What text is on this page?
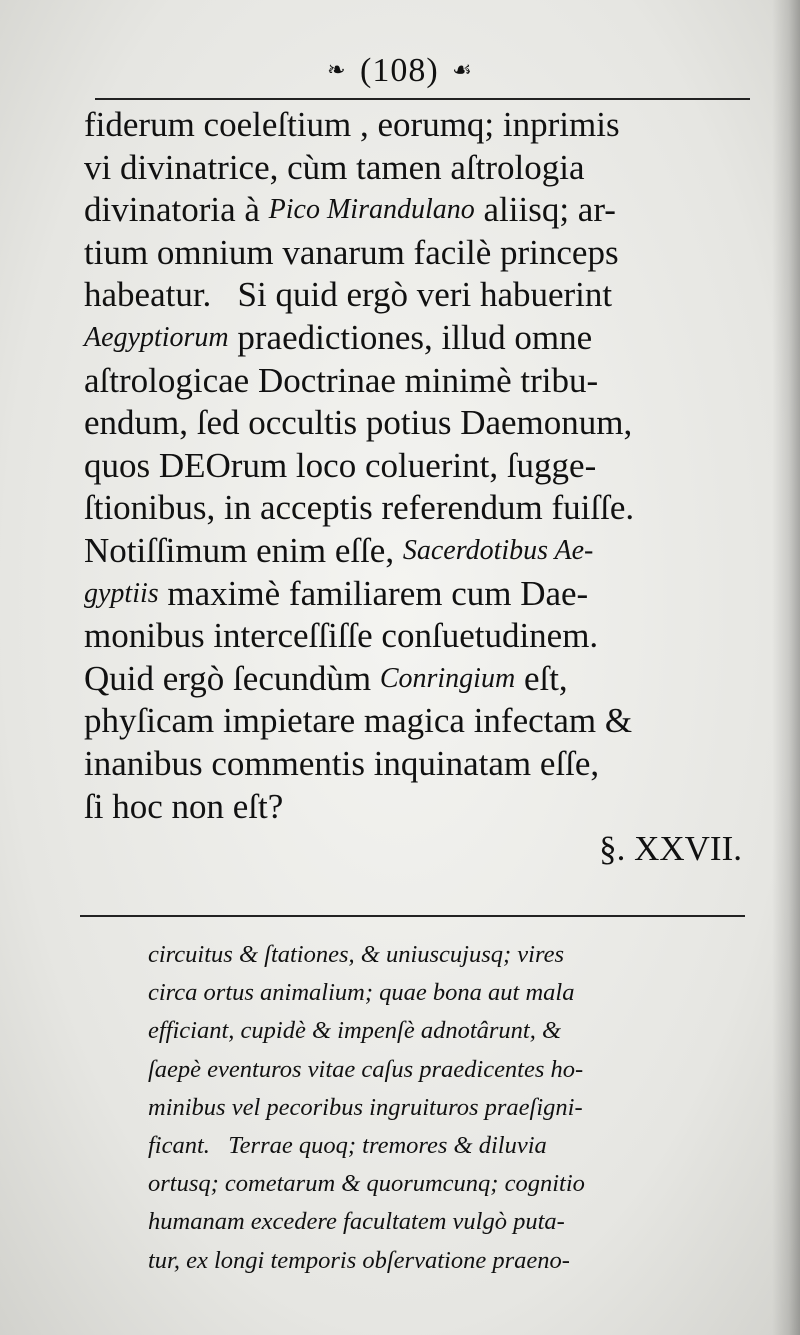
❧ (108) ☙
fiderum coeleſtium , eorumq; inprimis
vi divinatrice, cùm tamen aſtrologia
divinatoria à Pico Mirandulano aliisq; ar-
tium omnium vanarum facilè princeps
habeatur.   Si quid ergò veri habuerint
Aegyptiorum praedictiones, illud omne
aſtrologicae Doctrinae minimè tribu-
endum, ſed occultis potius Daemonum,
quos DEOrum loco coluerint, ſugge-
ſtionibus, in acceptis referendum fuiſſe.
Notiſſimum enim eſſe, Sacerdotibus Ae-
gyptiis maximè familiarem cum Dae-
monibus interceſſiſſe conſuetudinem.
Quid ergò ſecundùm Conringium eſt,
phyſicam impietare magica infectam &
inanibus commentis inquinatam eſſe,
ſi hoc non eſt?
§. XXVII.
circuitus & ſtationes, & uniuscujusq; vires
circa ortus animalium; quae bona aut mala
efficiant, cupidè & impenſè adnotârunt, &
ſaepè eventuros vitae caſus praedicentes ho-
minibus vel pecoribus ingruituros praeſigni-
ficant.   Terrae quoq; tremores & diluvia
ortusq; cometarum & quorumcunq; cognitio
humanam excedere facultatem vulgò puta-
tur, ex longi temporis obſervatione praeno-
